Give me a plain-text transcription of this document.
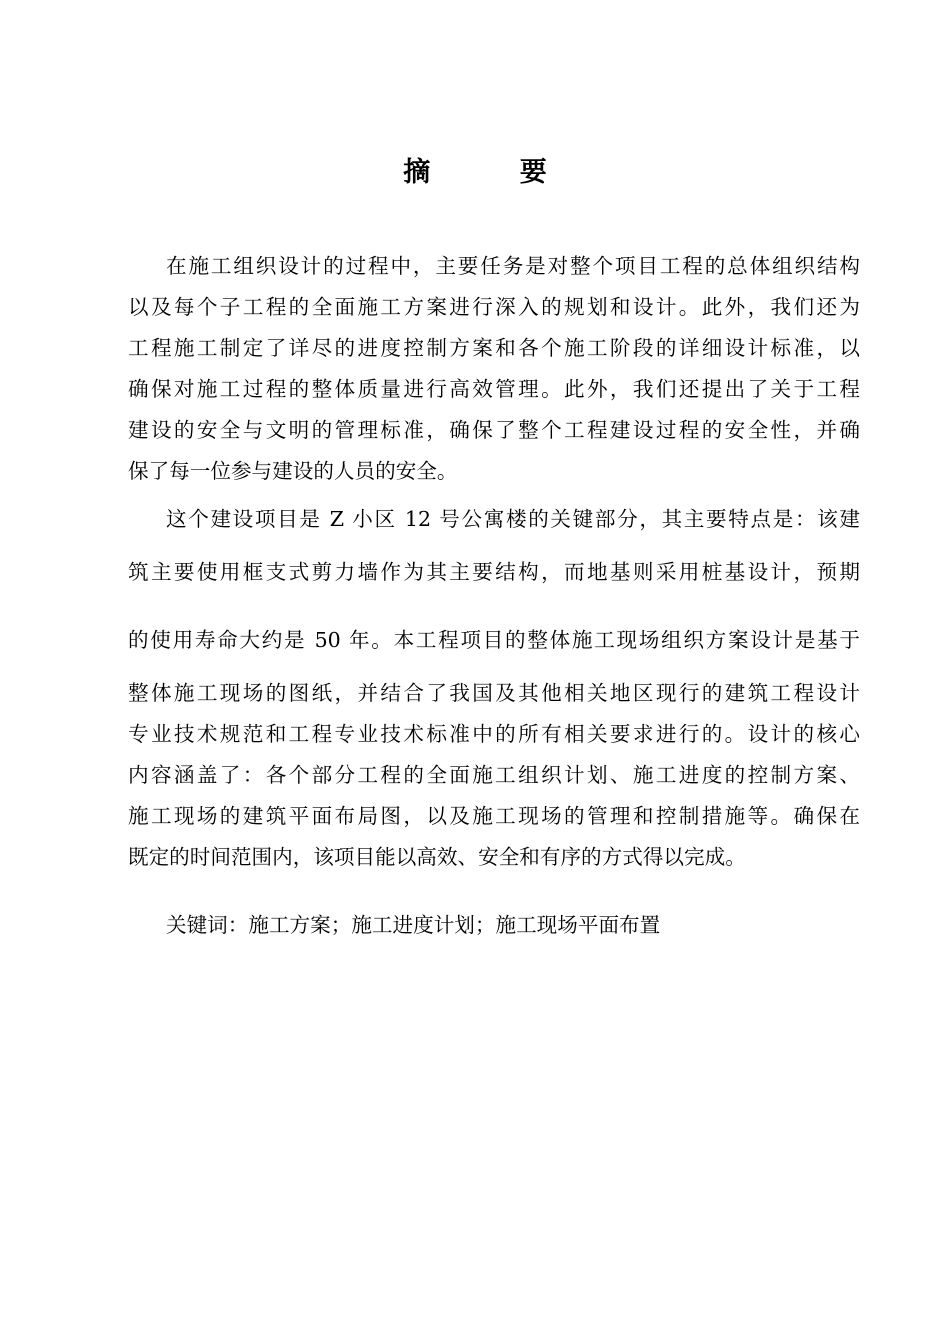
摘 要
在施工组织设计的过程中，主要任务是对整个项目工程的总体组织结构
以及每个子工程的全面施工方案进行深入的规划和设计。此外，我们还为
工程施工制定了详尽的进度控制方案和各个施工阶段的详细设计标准，以
确保对施工过程的整体质量进行高效管理。此外，我们还提出了关于工程
建设的安全与文明的管理标准，确保了整个工程建设过程的安全性，并确
保了每一位参与建设的人员的安全。
这个建设项目是 Z 小区 12 号公寓楼的关键部分，其主要特点是：该建
筑主要使用框支式剪力墙作为其主要结构，而地基则采用桩基设计，预期
的使用寿命大约是 50 年。本工程项目的整体施工现场组织方案设计是基于
整体施工现场的图纸，并结合了我国及其他相关地区现行的建筑工程设计
专业技术规范和工程专业技术标准中的所有相关要求进行的。设计的核心
内容涵盖了：各个部分工程的全面施工组织计划、施工进度的控制方案、
施工现场的建筑平面布局图，以及施工现场的管理和控制措施等。确保在
既定的时间范围内，该项目能以高效、安全和有序的方式得以完成。
关键词：施工方案；施工进度计划；施工现场平面布置
